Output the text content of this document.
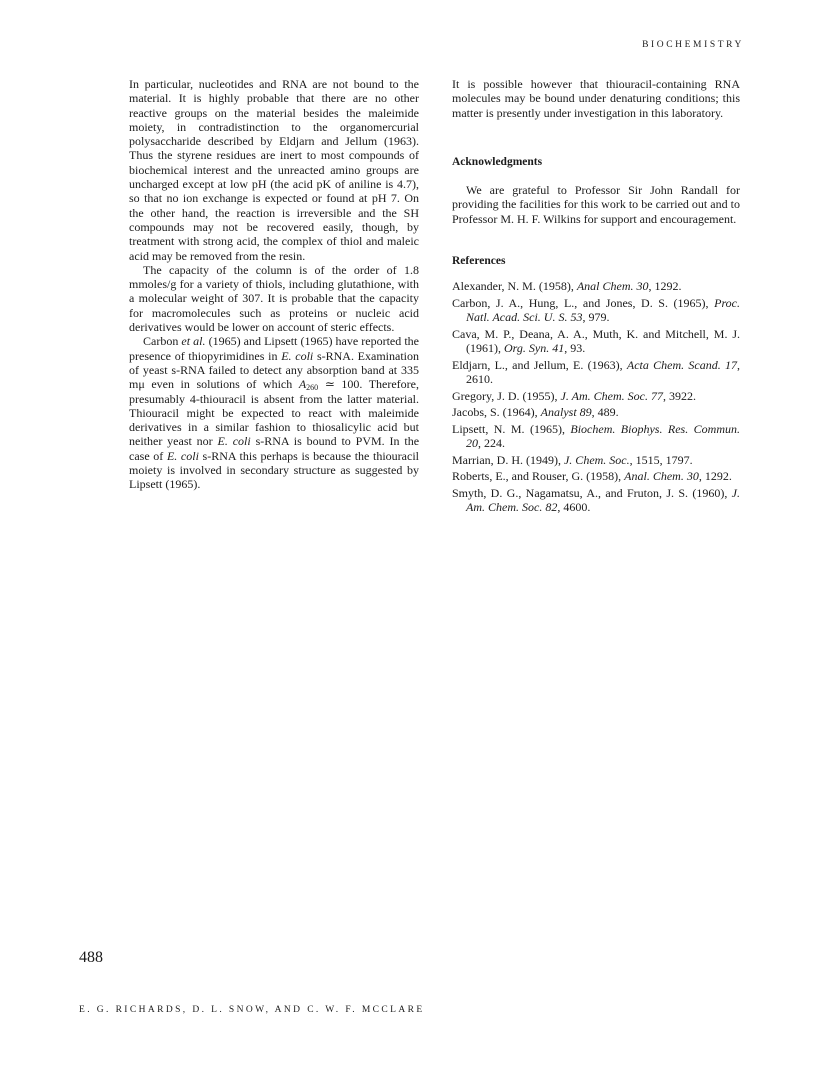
BIOCHEMISTRY

In particular, nucleotides and RNA are not bound to the material. It is highly probable that there are no other reactive groups on the material besides the maleimide moiety, in contradistinction to the organomercurial polysaccharide described by Eldjarn and Jellum (1963). Thus the styrene residues are inert to most compounds of biochemical interest and the unreacted amino groups are uncharged except at low pH (the acid pK of aniline is 4.7), so that no ion exchange is expected or found at pH 7. On the other hand, the reaction is irreversible and the SH compounds may not be recovered easily, though, by treatment with strong acid, the complex of thiol and maleic acid may be removed from the resin.

The capacity of the column is of the order of 1.8 mmoles/g for a variety of thiols, including glutathione, with a molecular weight of 307. It is probable that the capacity for macromolecules such as proteins or nucleic acid derivatives would be lower on account of steric effects.

Carbon et al. (1965) and Lipsett (1965) have reported the presence of thiopyrimidines in E. coli s-RNA. Examination of yeast s-RNA failed to detect any absorption band at 335 mμ even in solutions of which $A_{260}$ ≃ 100. Therefore, presumably 4-thiouracil is absent from the latter material. Thiouracil might be expected to react with maleimide derivatives in a similar fashion to thiosalicylic acid but neither yeast nor E. coli s-RNA is bound to PVM. In the case of E. coli s-RNA this perhaps is because the thiouracil moiety is involved in secondary structure as suggested by Lipsett (1965).

It is possible however that thiouracil-containing RNA molecules may be bound under denaturing conditions; this matter is presently under investigation in this laboratory.

Acknowledgments

We are grateful to Professor Sir John Randall for providing the facilities for this work to be carried out and to Professor M. H. F. Wilkins for support and encouragement.

References

Alexander, N. M. (1958), Anal Chem. 30, 1292.

Carbon, J. A., Hung, L., and Jones, D. S. (1965), Proc. Natl. Acad. Sci. U. S. 53, 979.

Cava, M. P., Deana, A. A., Muth, K. and Mitchell, M. J. (1961), Org. Syn. 41, 93.

Eldjarn, L., and Jellum, E. (1963), Acta Chem. Scand. 17, 2610.

Gregory, J. D. (1955), J. Am. Chem. Soc. 77, 3922.

Jacobs, S. (1964), Analyst 89, 489.

Lipsett, N. M. (1965), Biochem. Biophys. Res. Commun. 20, 224.

Marrian, D. H. (1949), J. Chem. Soc., 1515, 1797.

Roberts, E., and Rouser, G. (1958), Anal. Chem. 30, 1292.

Smyth, D. G., Nagamatsu, A., and Fruton, J. S. (1960), J. Am. Chem. Soc. 82, 4600.

488
E. G. RICHARDS, D. L. SNOW, AND C. W. F. MCCLARE
